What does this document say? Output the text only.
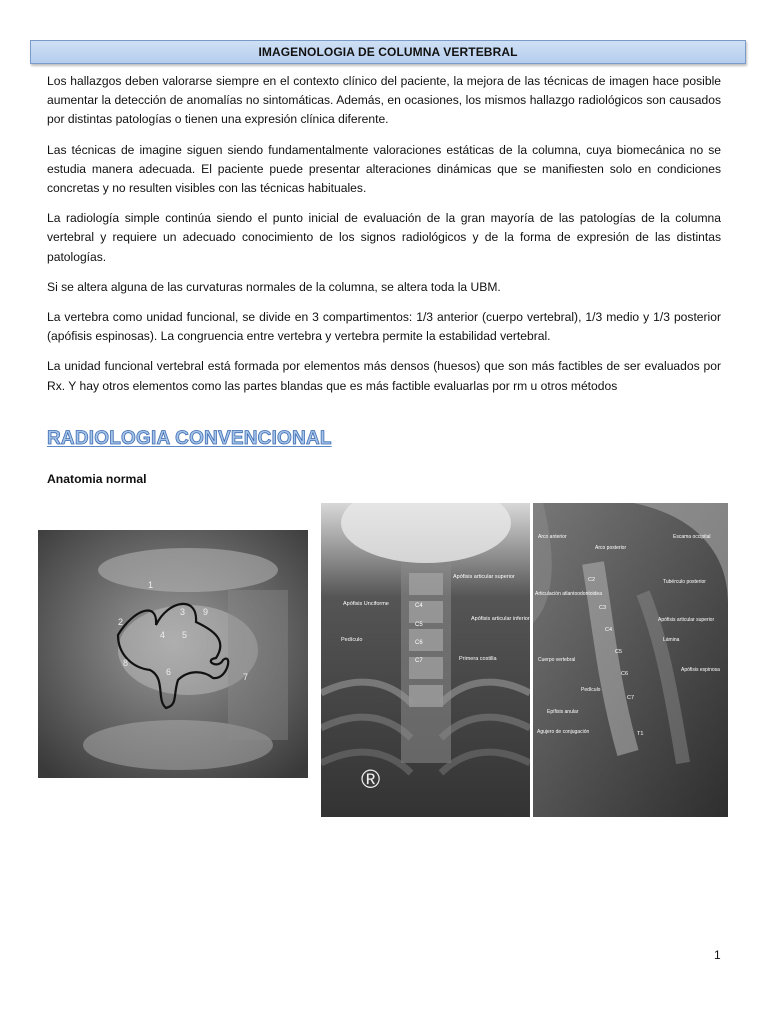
IMAGENOLOGIA DE COLUMNA VERTEBRAL

Los hallazgos deben valorarse siempre en el contexto clínico del paciente, la mejora de las técnicas de imagen hace posible aumentar la detección de anomalías no sintomáticas. Además, en ocasiones, los mismos hallazgo radiológicos son causados por distintas patologías o tienen una expresión clínica diferente.

Las técnicas de imagine siguen siendo fundamentalmente valoraciones estáticas de la columna, cuya biomecánica no se estudia manera adecuada. El paciente puede presentar alteraciones dinámicas que se manifiesten solo en condiciones concretas y no resulten visibles con las técnicas habituales.

La radiología simple continúa siendo el punto inicial de evaluación de la gran mayoría de las patologías de la columna vertebral y requiere un adecuado conocimiento de los signos radiológicos y de la forma de expresión de las distintas patologías.

Si se altera alguna de las curvaturas normales de la columna, se altera toda la UBM.

La vertebra como unidad funcional, se divide en 3 compartimentos: 1/3 anterior (cuerpo vertebral), 1/3 medio y 1/3 posterior (apófisis espinosas). La congruencia entre vertebra y vertebra permite la estabilidad vertebral.

La unidad funcional vertebral está formada por elementos más densos (huesos) que son más factibles de ser evaluados por Rx. Y hay otros elementos como las partes blandas que es más factible evaluarlas por rm u otros métodos

RADIOLOGIA CONVENCIONAL
Anatomia normal
1
2
3
4 5
6	7
8
9
Apófisis articular superior
Apófisis Unciforme	C4
C5
Apófisis articular inferior
Pedículo	C6
C7	Primera costilla
®
Arco anterior
Arco posterior
Escama occipital
C2
Articulación atlantoodontoidea
Tubérculo posterior
C3
Apófisis articular superior
C4
Lámina
C5
Cuerpo vertebral
Apófisis espinosa
C6
Pedículo
C7
Epífisis anular
Agujero de conjugación	T1
1
